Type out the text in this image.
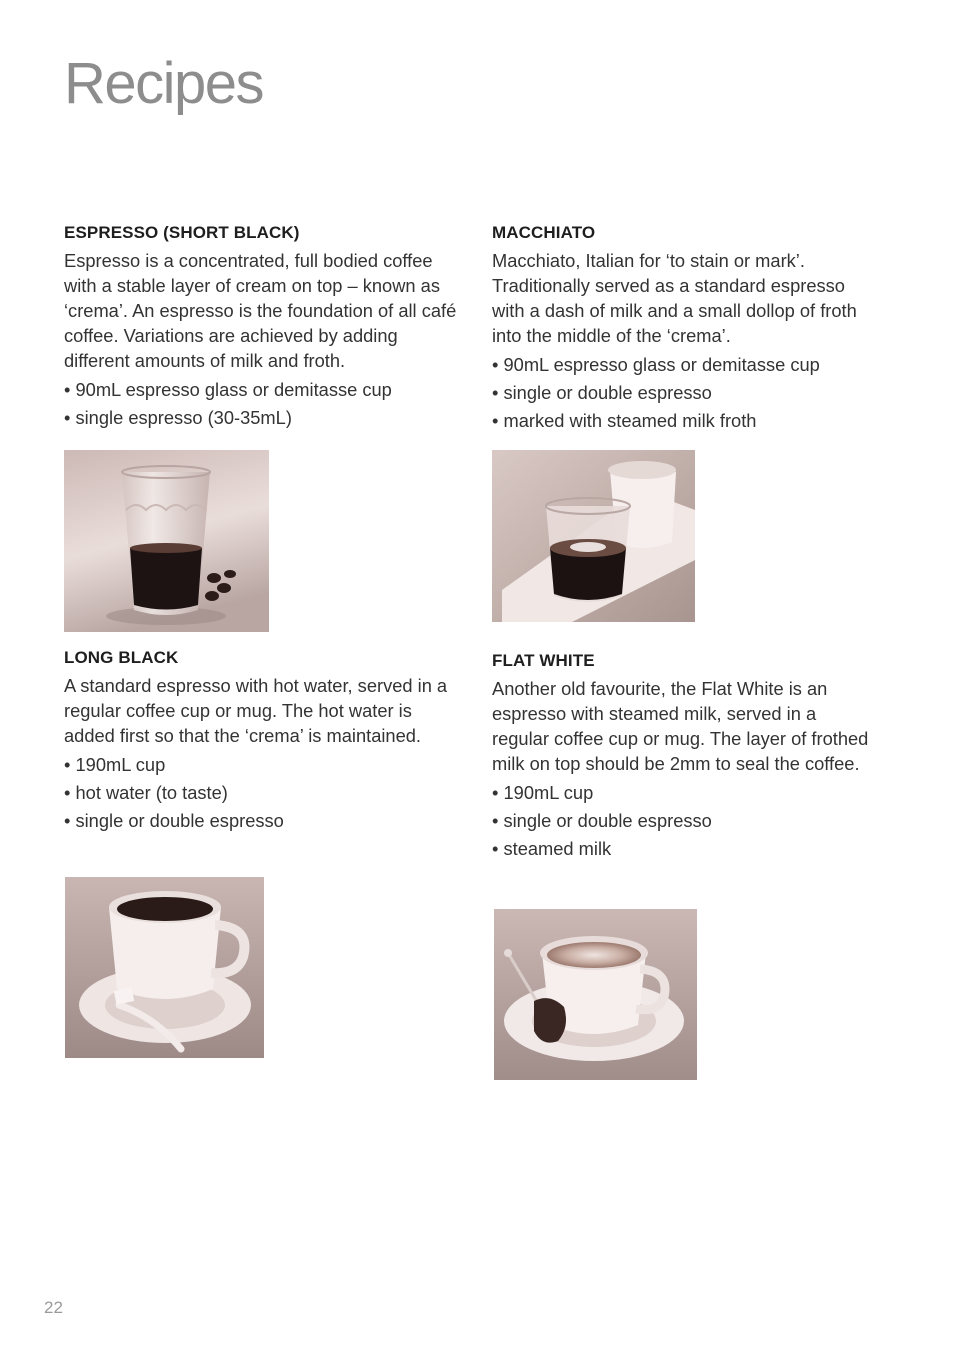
Recipes
ESPRESSO (SHORT BLACK)

Espresso is a concentrated, full bodied coffee with a stable layer of cream on top – known as ‘crema’. An espresso is the foundation of all café coffee. Variations are achieved by adding different amounts of milk and froth.

• 90mL espresso glass or demitasse cup
• single espresso (30-35mL)
MACCHIATO

Macchiato, Italian for ‘to stain or mark’. Traditionally served as a standard espresso with a dash of milk and a small dollop of froth into the middle of the ‘crema’.

• 90mL espresso glass or demitasse cup
• single or double espresso
• marked with steamed milk froth
LONG BLACK

A standard espresso with hot water, served in a regular coffee cup or mug. The hot water is added first so that the ‘crema’ is maintained.

• 190mL cup
• hot water (to taste)
• single or double espresso
FLAT WHITE

Another old favourite, the Flat White is an espresso with steamed milk, served in a regular coffee cup or mug. The layer of frothed milk on top should be 2mm to seal the coffee.

• 190mL cup
• single or double espresso
• steamed milk
22
